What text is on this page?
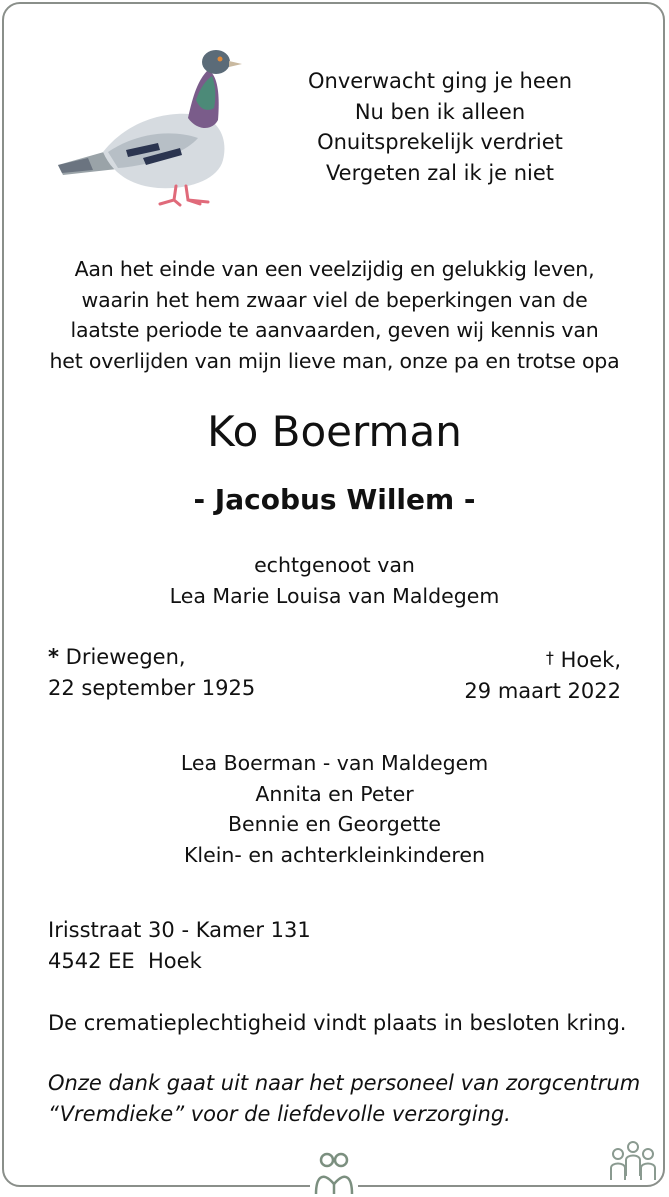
Onverwacht ging je heen
Nu ben ik alleen
Onuitsprekelijk verdriet
Vergeten zal ik je niet
Aan het einde van een veelzijdig en gelukkig leven,
waarin het hem zwaar viel de beperkingen van de
laatste periode te aanvaarden, geven wij kennis van
het overlijden van mijn lieve man, onze pa en trotse opa
Ko Boerman
- Jacobus Willem -
echtgenoot van
Lea Marie Louisa van Maldegem
* Driewegen,
22 september 1925
† Hoek,
29 maart 2022
Lea Boerman - van Maldegem
Annita en Peter
Bennie en Georgette
Klein- en achterkleinkinderen
Irisstraat 30 - Kamer 131
4542 EE  Hoek
De crematieplechtigheid vindt plaats in besloten kring.
Onze dank gaat uit naar het personeel van zorgcentrum
“Vremdieke” voor de liefdevolle verzorging.
